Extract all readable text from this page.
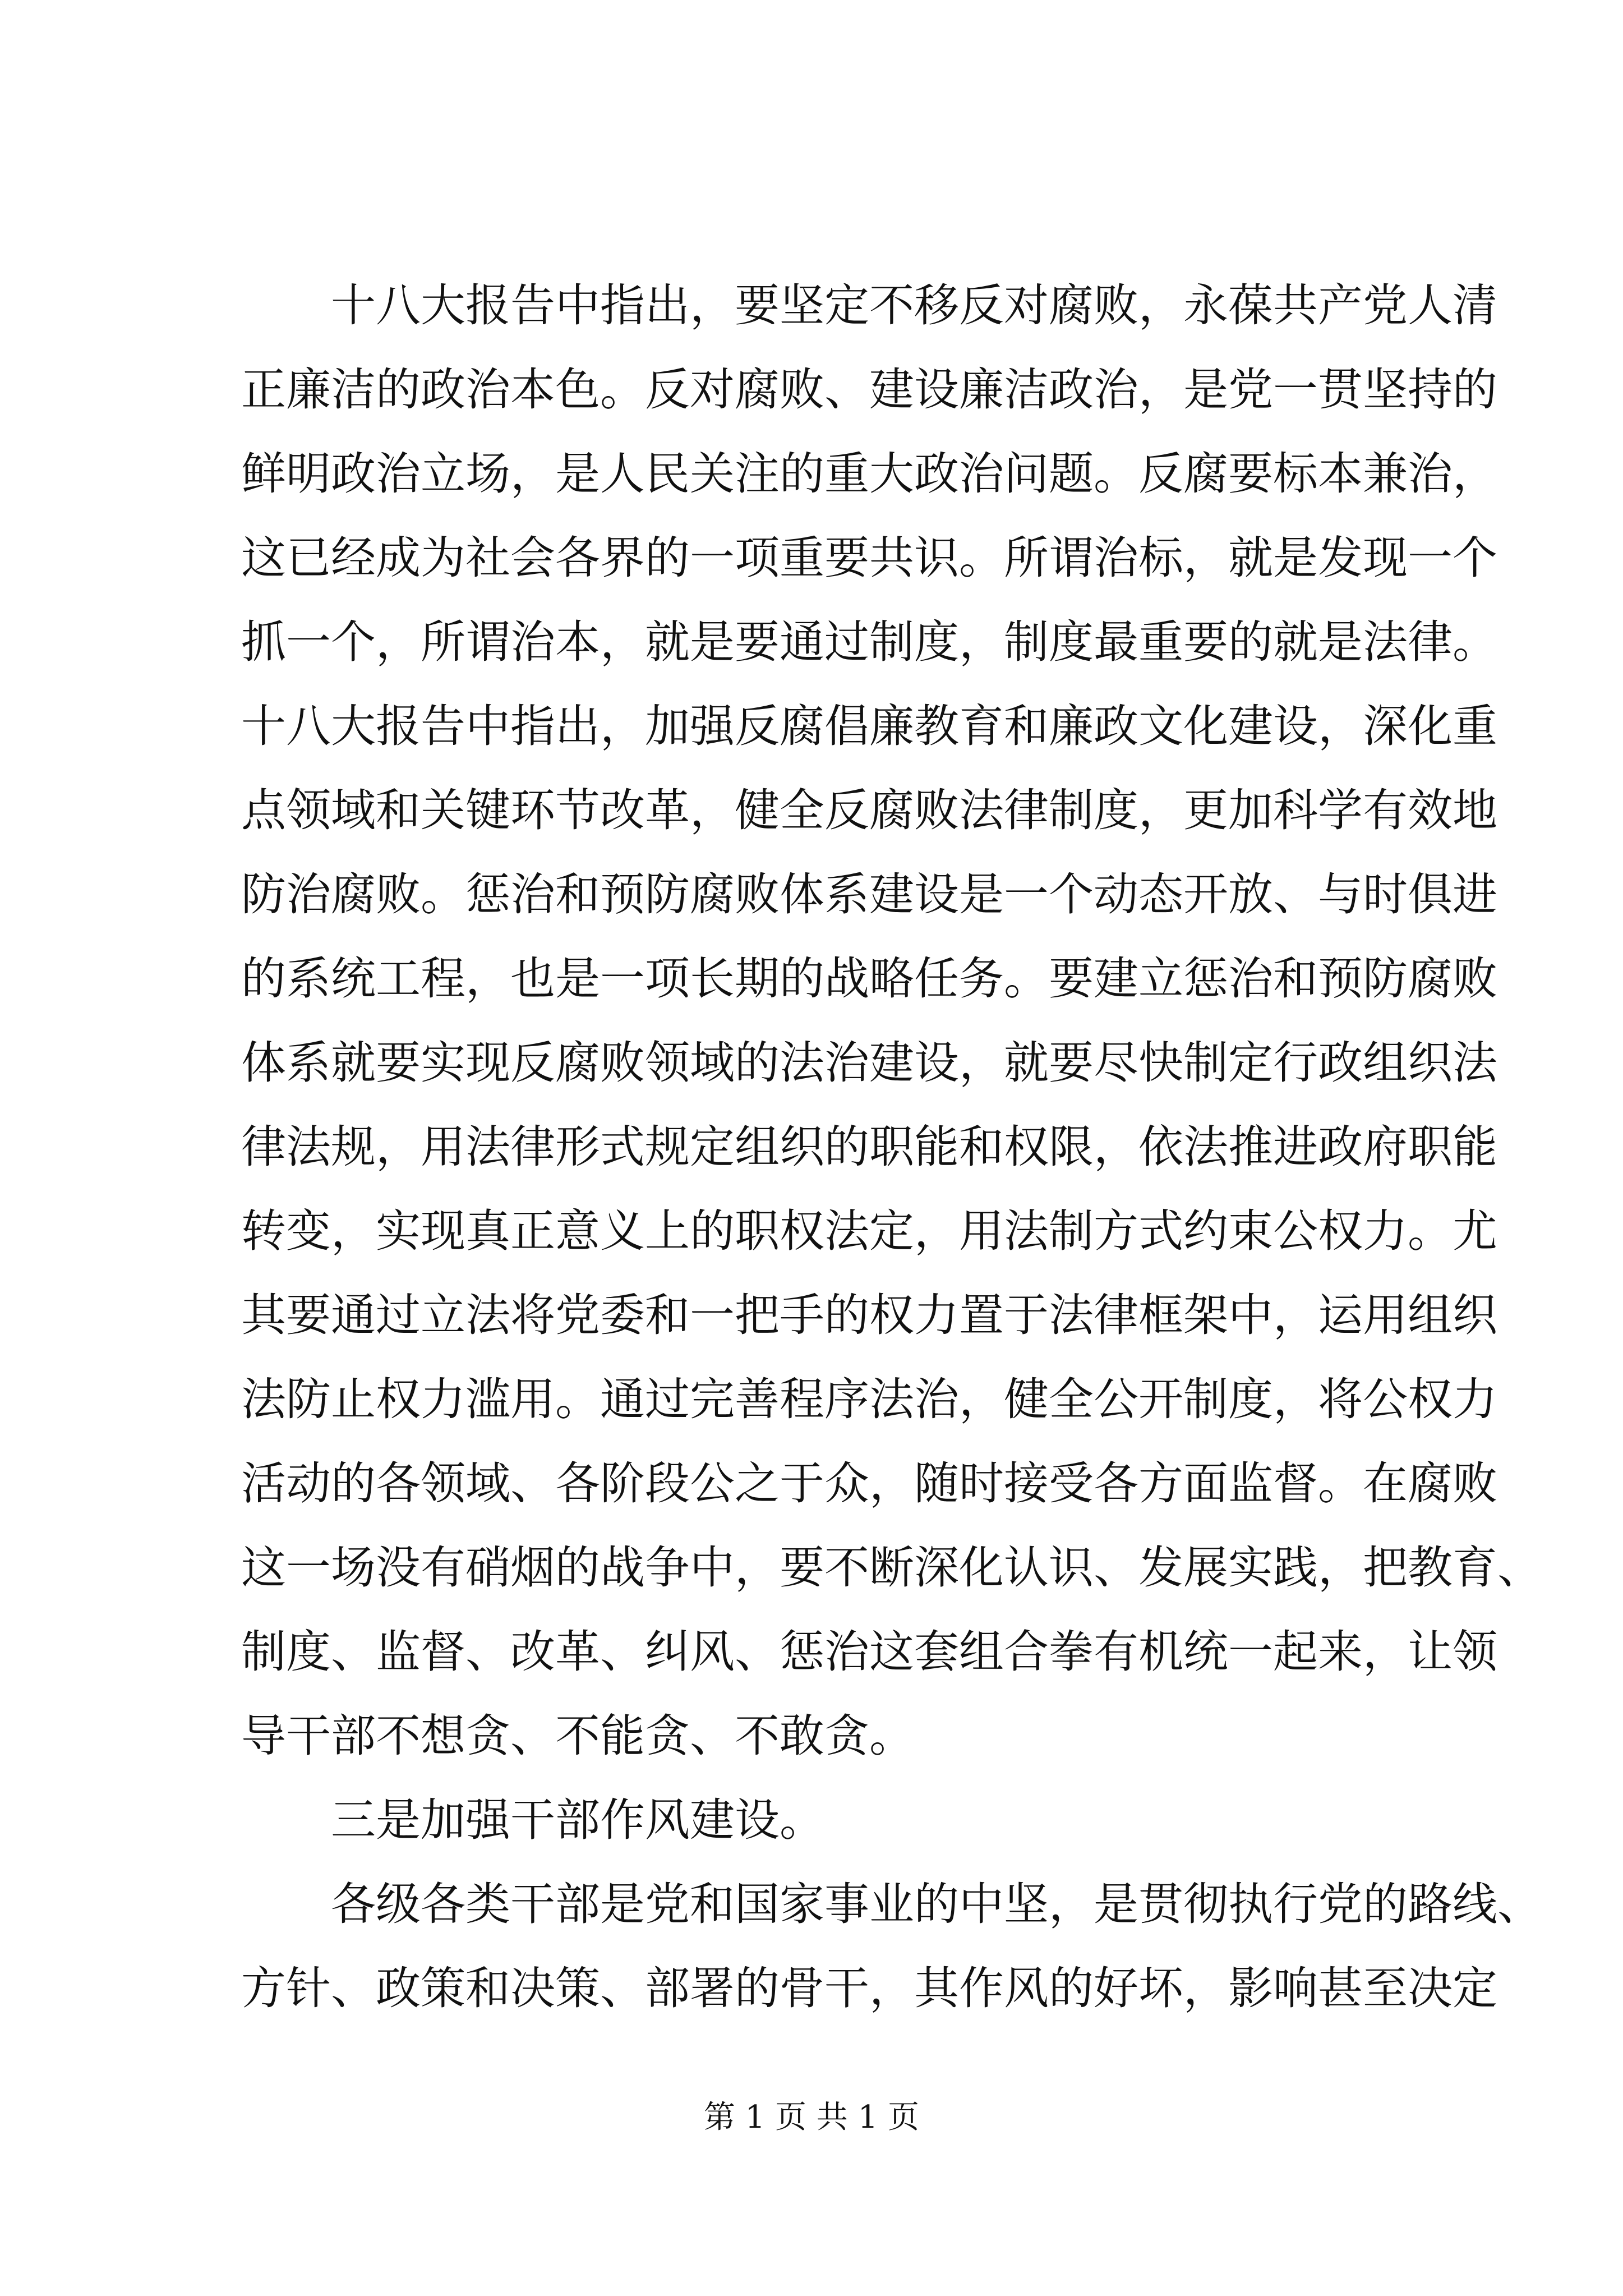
　　十八大报告中指出，要坚定不移反对腐败，永葆共产党人清
正廉洁的政治本色。反对腐败、建设廉洁政治，是党一贯坚持的
鲜明政治立场，是人民关注的重大政治问题。反腐要标本兼治，
这已经成为社会各界的一项重要共识。所谓治标，就是发现一个
抓一个，所谓治本，就是要通过制度，制度最重要的就是法律。
十八大报告中指出，加强反腐倡廉教育和廉政文化建设，深化重
点领域和关键环节改革，健全反腐败法律制度，更加科学有效地
防治腐败。惩治和预防腐败体系建设是一个动态开放、与时俱进
的系统工程，也是一项长期的战略任务。要建立惩治和预防腐败
体系就要实现反腐败领域的法治建设，就要尽快制定行政组织法
律法规，用法律形式规定组织的职能和权限，依法推进政府职能
转变，实现真正意义上的职权法定，用法制方式约束公权力。尤
其要通过立法将党委和一把手的权力置于法律框架中，运用组织
法防止权力滥用。通过完善程序法治，健全公开制度，将公权力
活动的各领域、各阶段公之于众，随时接受各方面监督。在腐败
这一场没有硝烟的战争中，要不断深化认识、发展实践，把教育、
制度、监督、改革、纠风、惩治这套组合拳有机统一起来，让领
导干部不想贪、不能贪、不敢贪。
　　三是加强干部作风建设。
　　各级各类干部是党和国家事业的中坚，是贯彻执行党的路线、
方针、政策和决策、部署的骨干，其作风的好坏，影响甚至决定
第 1 页 共 1 页
